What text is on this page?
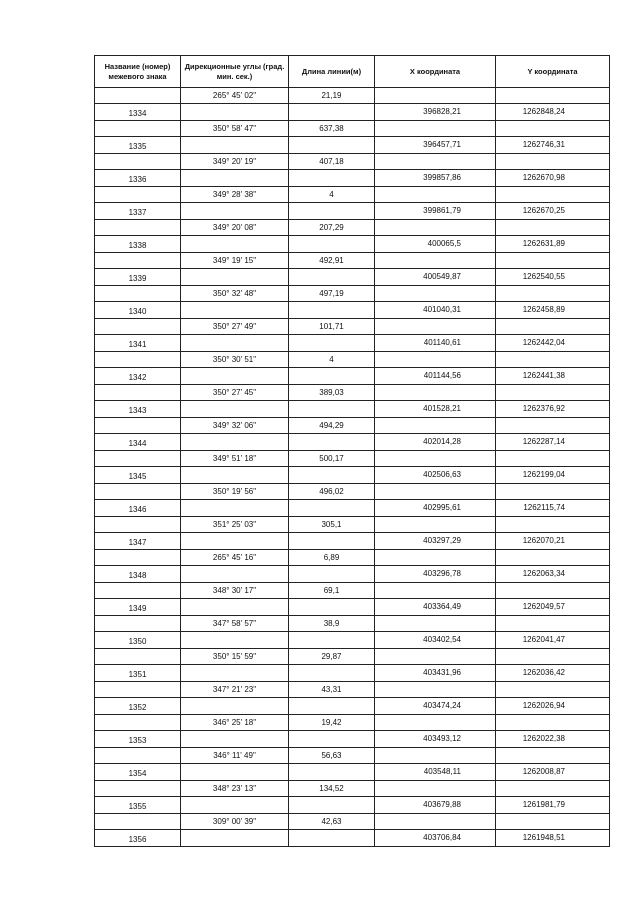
Название (номер) межевого знака	Дирекционные углы (град. мин. сек.)	Длина линии(м)	X координата	Y координата
	265° 45' 02"	21,19		
1334			396828,21	1262848,24
	350° 58' 47"	637,38		
1335			396457,71	1262746,31
	349° 20' 19"	407,18		
1336			399857,86	1262670,98
	349° 28' 38"	4		
1337			399861,79	1262670,25
	349° 20' 08"	207,29		
1338			400065,5	1262631,89
	349° 19' 15"	492,91		
1339			400549,87	1262540,55
	350° 32' 48"	497,19		
1340			401040,31	1262458,89
	350° 27' 49"	101,71		
1341			401140,61	1262442,04
	350° 30' 51"	4		
1342			401144,56	1262441,38
	350° 27' 45"	389,03		
1343			401528,21	1262376,92
	349° 32' 06"	494,29		
1344			402014,28	1262287,14
	349° 51' 18"	500,17		
1345			402506,63	1262199,04
	350° 19' 56"	496,02		
1346			402995,61	1262115,74
	351° 25' 03"	305,1		
1347			403297,29	1262070,21
	265° 45' 16"	6,89		
1348			403296,78	1262063,34
	348° 30' 17"	69,1		
1349			403364,49	1262049,57
	347° 58' 57"	38,9		
1350			403402,54	1262041,47
	350° 15' 59"	29,87		
1351			403431,96	1262036,42
	347° 21' 23"	43,31		
1352			403474,24	1262026,94
	346° 25' 18"	19,42		
1353			403493,12	1262022,38
	346° 11' 49"	56,63		
1354			403548,11	1262008,87
	348° 23' 13"	134,52		
1355			403679,88	1261981,79
	309° 00' 39"	42,63		
1356			403706,84	1261948,51
